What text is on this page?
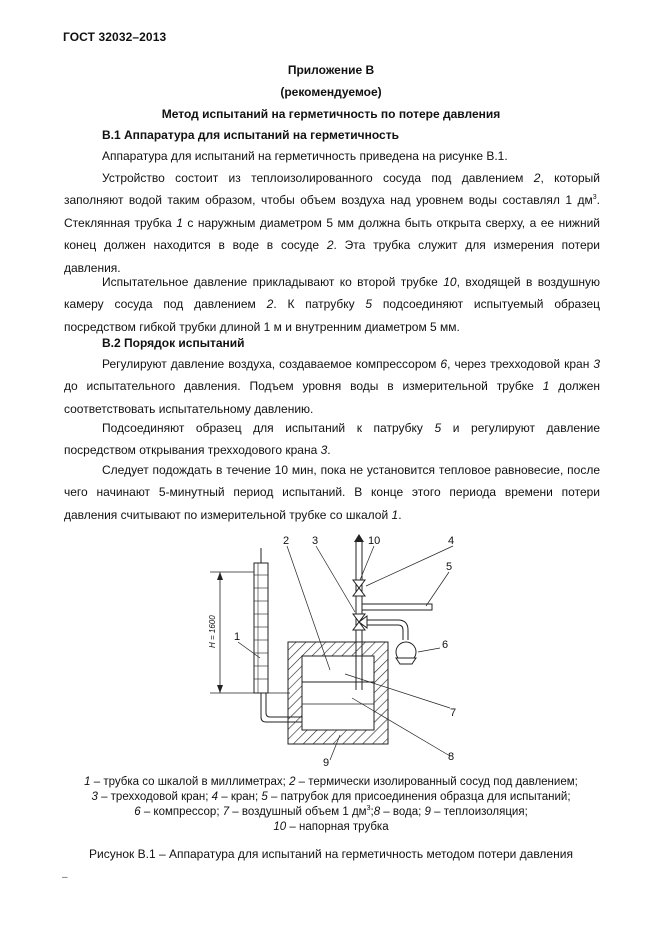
ГОСТ 32032–2013
Приложение В
(рекомендуемое)
Метод испытаний на герметичность по потере давления
В.1 Аппаратура для испытаний на герметичность
Аппаратура для испытаний на герметичность приведена на рисунке В.1.
Устройство состоит из теплоизолированного сосуда под давлением 2, который заполняют водой таким образом, чтобы объем воздуха над уровнем воды составлял 1 $дм^3$. Стеклянная трубка 1 с наружным диаметром 5 мм должна быть открыта сверху, а ее нижний конец должен находится в воде в сосуде 2. Эта трубка служит для измерения потери давления.
Испытательное давление прикладывают ко второй трубке 10, входящей в воздушную камеру сосуда под давлением 2. К патрубку 5 подсоединяют испытуемый образец посредством гибкой трубки длиной 1 м и внутренним диаметром 5 мм.
В.2 Порядок испытаний
Регулируют давление воздуха, создаваемое компрессором 6, через трехходовой кран 3 до испытательного давления. Подъем уровня воды в измерительной трубке 1 должен соответствовать испытательному давлению.
Подсоединяют образец для испытаний к патрубку 5 и регулируют давление посредством открывания трехходового крана 3.
Следует подождать в течение 10 мин, пока не установится тепловое равновесие, после чего начинают 5-минутный период испытаний. В конце этого периода времени потери давления считывают по измерительной трубке со шкалой 1.
H = 1600 1
2 3	4
5
6
7
8
9
10
1 – трубка со шкалой в миллиметрах; 2 – термически изолированный сосуд под давлением;
3 – трехходовой кран; 4 – кран; 5 – патрубок для присоединения образца для испытаний;
6 – компрессор; 7 – воздушный объем 1 $дм^3;8$ – вода; 9 – теплоизоляция;
10 – напорная трубка
Рисунок В.1 – Аппаратура для испытаний на герметичность методом потери давления
–
